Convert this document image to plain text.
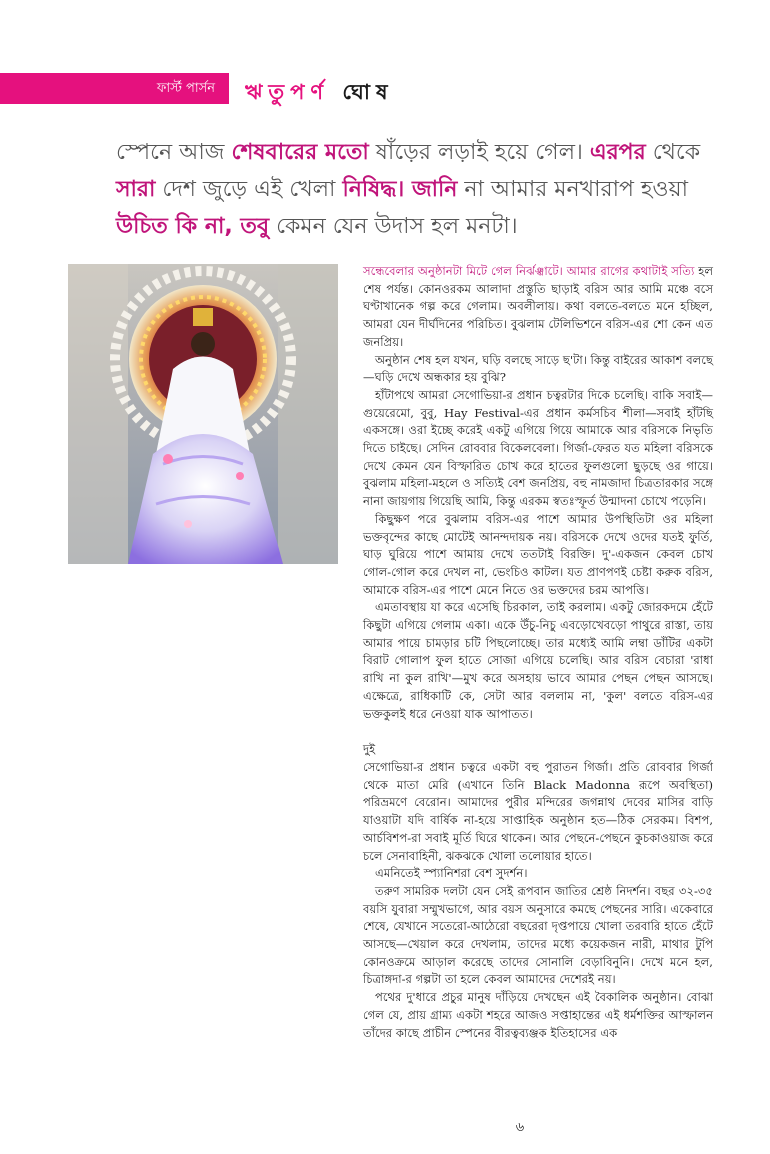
ফার্স্ট পার্সন ঋতুপর্ণ ঘোষ
স্পেনে আজ শেষবারের মতো ষাঁড়ের লড়াই হয়ে গেল। এরপর থেকে সারা দেশ জুড়ে এই খেলা নিষিদ্ধ। জানি না আমার মনখারাপ হওয়া উচিত কি না, তবু কেমন যেন উদাস হল মনটা।

সন্ধেবেলার অনুষ্ঠানটা মিটে গেল নির্ঝঞ্ঝাটে। আমার রাগের কথাটাই সত্যি হল শেষ পর্যন্ত। কোনওরকম আলাদা প্রস্তুতি ছাড়াই বরিস আর আমি মঞ্চে বসে ঘণ্টাখানেক গল্প করে গেলাম। অবলীলায়। কথা বলতে-বলতে মনে হচ্ছিল, আমরা যেন দীর্ঘদিনের পরিচিত। বুঝলাম টেলিভিশনে বরিস-এর শো কেন এত জনপ্রিয়।

অনুষ্ঠান শেষ হল যখন, ঘড়ি বলছে সাড়ে ছ'টা। কিন্তু বাইরের আকাশ বলছে—ঘড়ি দেখে অন্ধকার হয় বুঝি?

হাঁটাপথে আমরা সেগোভিয়া-র প্রধান চত্বরটার দিকে চলেছি। বাকি সবাই—গুয়েরেমো, বুবু, Hay Festival-এর প্রধান কর্মসচিব শীলা—সবাই হাঁটছি একসঙ্গে। ওরা ইচ্ছে করেই একটু এগিয়ে গিয়ে আমাকে আর বরিসকে নিভৃতি দিতে চাইছে। সেদিন রোববার বিকেলবেলা। গির্জা-ফেরত যত মহিলা বরিসকে দেখে কেমন যেন বিস্ফারিত চোখ করে হাতের ফুলগুলো ছুড়ছে ওর গায়ে। বুঝলাম মহিলা-মহলে ও সত্যিই বেশ জনপ্রিয়, বহু নামজাদা চিত্রতারকার সঙ্গে নানা জায়গায় গিয়েছি আমি, কিন্তু এরকম স্বতঃস্ফূর্ত উন্মাদনা চোখে পড়েনি।

কিছুক্ষণ পরে বুঝলাম বরিস-এর পাশে আমার উপস্থিতিটা ওর মহিলা ভক্তবৃন্দের কাছে মোটেই আনন্দদায়ক নয়। বরিসকে দেখে ওদের যতই ফুর্তি, ঘাড় ঘুরিয়ে পাশে আমায় দেখে ততটাই বিরক্তি। দু'-একজন কেবল চোখ গোল-গোল করে দেখল না, ভেংচিও কাটল। যত প্রাণপণই চেষ্টা করুক বরিস, আমাকে বরিস-এর পাশে মেনে নিতে ওর ভক্তদের চরম আপত্তি।

এমতাবস্থায় যা করে এসেছি চিরকাল, তাই করলাম। একটু জোরকদমে হেঁটে কিছুটা এগিয়ে গেলাম একা। একে উঁচু-নিচু এবড়োখেবড়ো পাথুরে রাস্তা, তায় আমার পায়ে চামড়ার চটি পিছলোচ্ছে। তার মধ্যেই আমি লম্বা ডাঁটির একটা বিরাট গোলাপ ফুল হাতে সোজা এগিয়ে চলেছি। আর বরিস বেচারা 'রাধা রাখি না কুল রাখি'—মুখ করে অসহায় ভাবে আমার পেছন পেছন আসছে। এক্ষেত্রে, রাধিকাটি কে, সেটা আর বললাম না, 'কুল' বলতে বরিস-এর ভক্তকুলই ধরে নেওয়া যাক আপাতত।

দুই

সেগোভিয়া-র প্রধান চত্বরে একটা বহু পুরাতন গির্জা। প্রতি রোববার গির্জা থেকে মাতা মেরি (এখানে তিনি Black Madonna রূপে অবস্থিতা) পরিভ্রমণে বেরোন। আমাদের পুরীর মন্দিরের জগন্নাথ দেবের মাসির বাড়ি যাওয়াটা যদি বার্ষিক না-হয়ে সাপ্তাহিক অনুষ্ঠান হত—ঠিক সেরকম। বিশপ, আর্চবিশপ-রা সবাই মূর্তি ঘিরে থাকেন। আর পেছনে-পেছনে কুচকাওয়াজ করে চলে সেনাবাহিনী, ঝকঝকে খোলা তলোয়ার হাতে।

এমনিতেই স্প্যানিশরা বেশ সুদর্শন।

তরুণ সামরিক দলটা যেন সেই রূপবান জাতির শ্রেষ্ঠ নিদর্শন। বছর ৩২-৩৫ বয়সি যুবারা সম্মুখভাগে, আর বয়স অনুসারে কমছে পেছনের সারি। একেবারে শেষে, যেখানে সতেরো-আঠেরো বছরেরা দৃপ্তপায়ে খোলা তরবারি হাতে হেঁটে আসছে—খেয়াল করে দেখলাম, তাদের মধ্যে কয়েকজন নারী, মাথার টুপি কোনওক্রমে আড়াল করেছে তাদের সোনালি বেড়াবিনুনি। দেখে মনে হল, চিত্রাঙ্গদা-র গল্পটা তা হলে কেবল আমাদের দেশেরই নয়।

পথের দু'ধারে প্রচুর মানুষ দাঁড়িয়ে দেখছেন এই বৈকালিক অনুষ্ঠান। বোঝা গেল যে, প্রায় গ্রাম্য একটা শহরে আজও সপ্তাহান্তের এই ধর্মশক্তির আস্ফালন তাঁদের কাছে প্রাচীন স্পেনের বীরত্বব্যঞ্জক ইতিহাসের এক

৬
